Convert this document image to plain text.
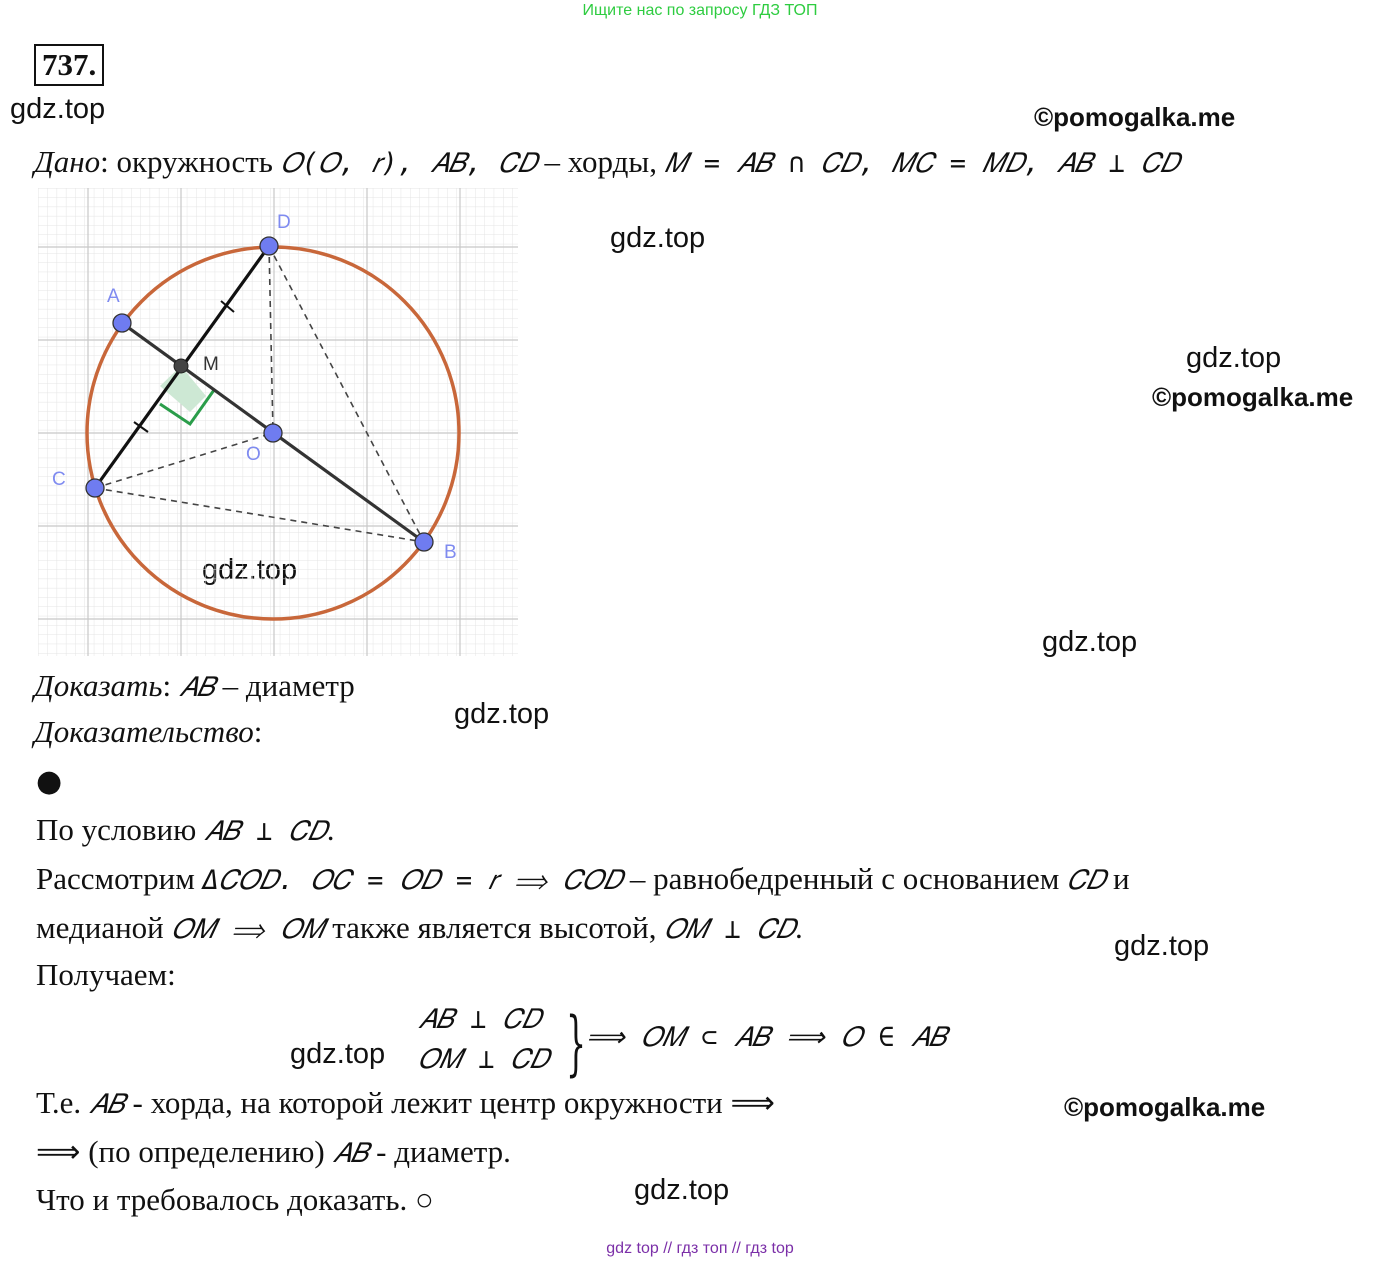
Ищите нас по запросу ГДЗ ТОП
737.
gdz.top	©pomogalka.me
gdz.top
gdz.top
©pomogalka.me
gdz.top
gdz.top
gdz.top
gdz.top
©pomogalka.me
gdz.top
Дано: окружность 𝑂(𝑂, 𝑟), 𝐴𝐵, 𝐶𝐷 – хорды, 𝑀 = 𝐴𝐵 ∩ 𝐶𝐷, 𝑀𝐶 = 𝑀𝐷, 𝐴𝐵 ⊥ 𝐶𝐷
A
D
C
B
O
M
Доказать: 𝐴𝐵 – диаметр
Доказательство:
●
По условию 𝐴𝐵 ⊥ 𝐶𝐷.
Рассмотрим Δ𝐶𝑂𝐷. 𝑂𝐶 = 𝑂𝐷 = 𝑟 ⟹ 𝐶𝑂𝐷 – равнобедренный с основанием 𝐶𝐷 и
медианой 𝑂𝑀 ⟹ 𝑂𝑀 также является высотой, 𝑂𝑀 ⊥ 𝐶𝐷.
Получаем:
𝐴𝐵 ⊥ 𝐶𝐷
𝑂𝑀 ⊥ 𝐶𝐷 } ⟹ 𝑂𝑀 ⊂ 𝐴𝐵 ⟹ 𝑂 ∈ 𝐴𝐵
Т.е. 𝐴𝐵 - хорда, на которой лежит центр окружности ⟹
⟹ (по определению) 𝐴𝐵 - диаметр.
Что и требовалось доказать. ○
gdz top // гдз топ // гдз top
